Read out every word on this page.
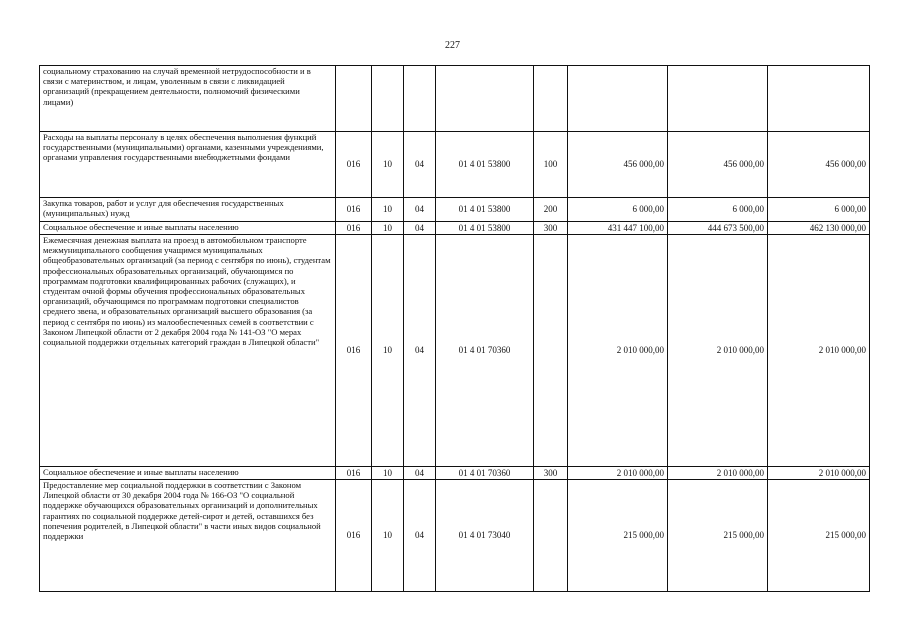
227
социальному страхованию на случай временной нетрудоспособности и в связи с материнством, и лицам, уволенным в связи с ликвидацией организаций (прекращением деятельности, полномочий физическими лицами)								
Расходы на выплаты персоналу в целях обеспечения выполнения функций государственными (муниципальными) органами, казенными учреждениями, органами управления государственными внебюджетными фондами	016	10	04	01 4 01 53800	100	456 000,00	456 000,00	456 000,00
Закупка товаров, работ и услуг для обеспечения государственных (муниципальных) нужд	016	10	04	01 4 01 53800	200	6 000,00	6 000,00	6 000,00
Социальное обеспечение и иные выплаты населению	016	10	04	01 4 01 53800	300	431 447 100,00	444 673 500,00	462 130 000,00
Ежемесячная денежная выплата на проезд в автомобильном транспорте межмуниципального сообщения учащимся муниципальных общеобразовательных организаций (за период с сентября по июнь), студентам профессиональных образовательных организаций, обучающимся по программам подготовки квалифицированных рабочих (служащих), и студентам очной формы обучения профессиональных образовательных организаций, обучающимся по программам подготовки специалистов среднего звена, и образовательных организаций высшего образования (за период с сентября по июнь) из малообеспеченных семей в соответствии с Законом Липецкой области от 2 декабря 2004 года № 141-ОЗ "О мерах социальной поддержки отдельных категорий граждан в Липецкой области"	016	10	04	01 4 01 70360		2 010 000,00	2 010 000,00	2 010 000,00
Социальное обеспечение и иные выплаты населению	016	10	04	01 4 01 70360	300	2 010 000,00	2 010 000,00	2 010 000,00
Предоставление мер социальной поддержки в соответствии с Законом Липецкой области от 30 декабря 2004 года № 166-ОЗ "О социальной поддержке обучающихся образовательных организаций и дополнительных гарантиях по социальной поддержке детей-сирот и детей, оставшихся без попечения родителей, в Липецкой области" в части иных видов социальной поддержки	016	10	04	01 4 01 73040		215 000,00	215 000,00	215 000,00
